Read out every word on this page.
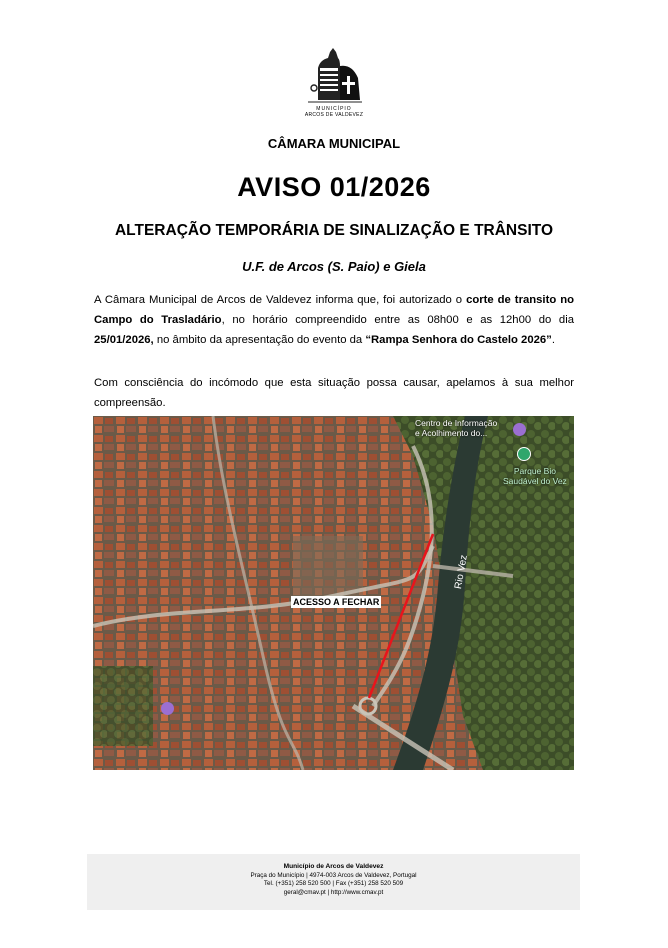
MUNICÍPIO
ARCOS DE VALDEVEZ
CÂMARA MUNICIPAL
AVISO 01/2026
ALTERAÇÃO TEMPORÁRIA DE SINALIZAÇÃO E TRÂNSITO
U.F. de Arcos (S. Paio) e Giela
A Câmara Municipal de Arcos de Valdevez informa que, foi autorizado o corte de transito no Campo do Trasladário, no horário compreendido entre as 08h00 e as 12h00 do dia 25/01/2026, no âmbito da apresentação do evento da “Rampa Senhora do Castelo 2026”.
Com consciência do incómodo que esta situação possa causar, apelamos à sua melhor compreensão.
ACESSO A FECHAR
Centro de Informação
e Acolhimento do...
Parque Bio
Saudável do Vez
Rio Vez
Município de Arcos de Valdevez
Praça do Município | 4974-003 Arcos de Valdevez, Portugal
Tel. (+351) 258 520 500 | Fax (+351) 258 520 509
geral@cmav.pt | http://www.cmav.pt
